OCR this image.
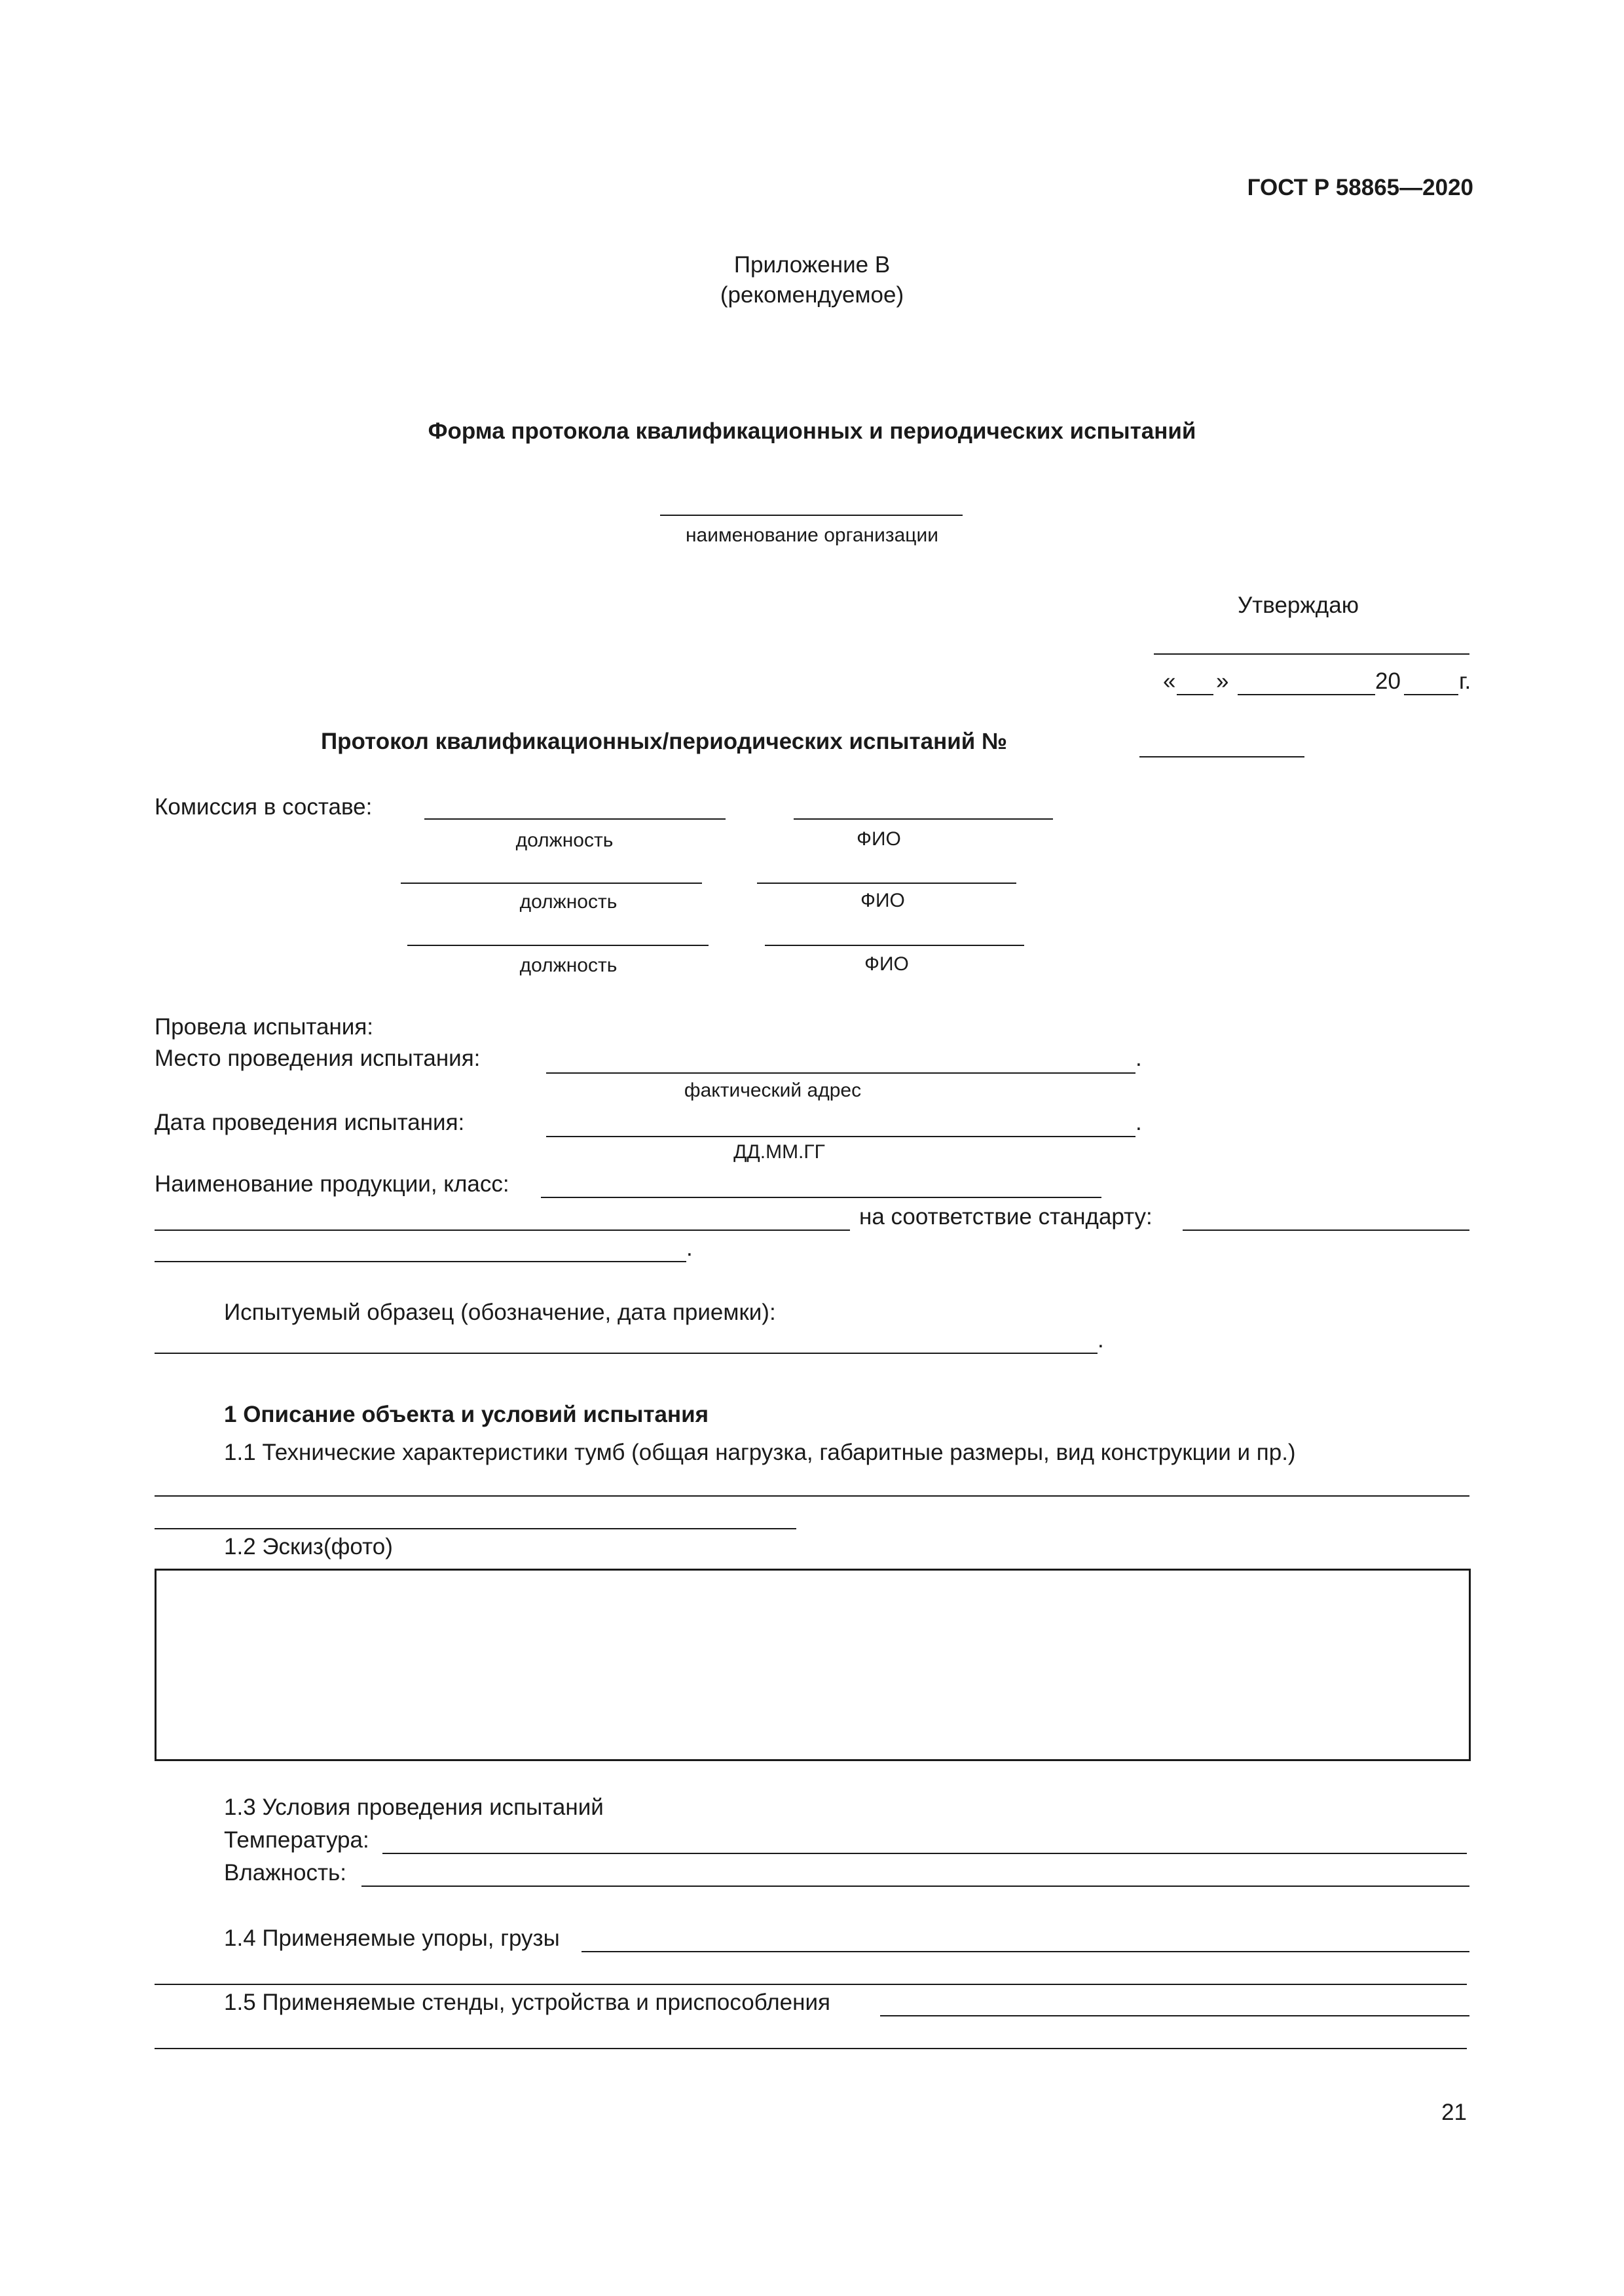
ГОСТ Р 58865—2020
Приложение В
(рекомендуемое)
Форма протокола квалификационных и периодических испытаний
наименование организации
Утверждаю
« »	20	г.
Протокол квалификационных/периодических испытаний №
Комиссия в составе:
должность	ФИО
должность	ФИО
должность	ФИО
Провела испытания:
Место проведения испытания:	.
фактический адрес
Дата проведения испытания:	.
ДД.ММ.ГГ
Наименование продукции, класс:
на соответствие стандарту:
.
Испытуемый образец (обозначение, дата приемки):
.
1 Описание объекта и условий испытания
1.1 Технические характеристики тумб (общая нагрузка, габаритные размеры, вид конструкции и пр.)
1.2 Эскиз(фото)
1.3 Условия проведения испытаний
Температура:
Влажность:
1.4 Применяемые упоры, грузы
1.5 Применяемые стенды, устройства и приспособления
21
